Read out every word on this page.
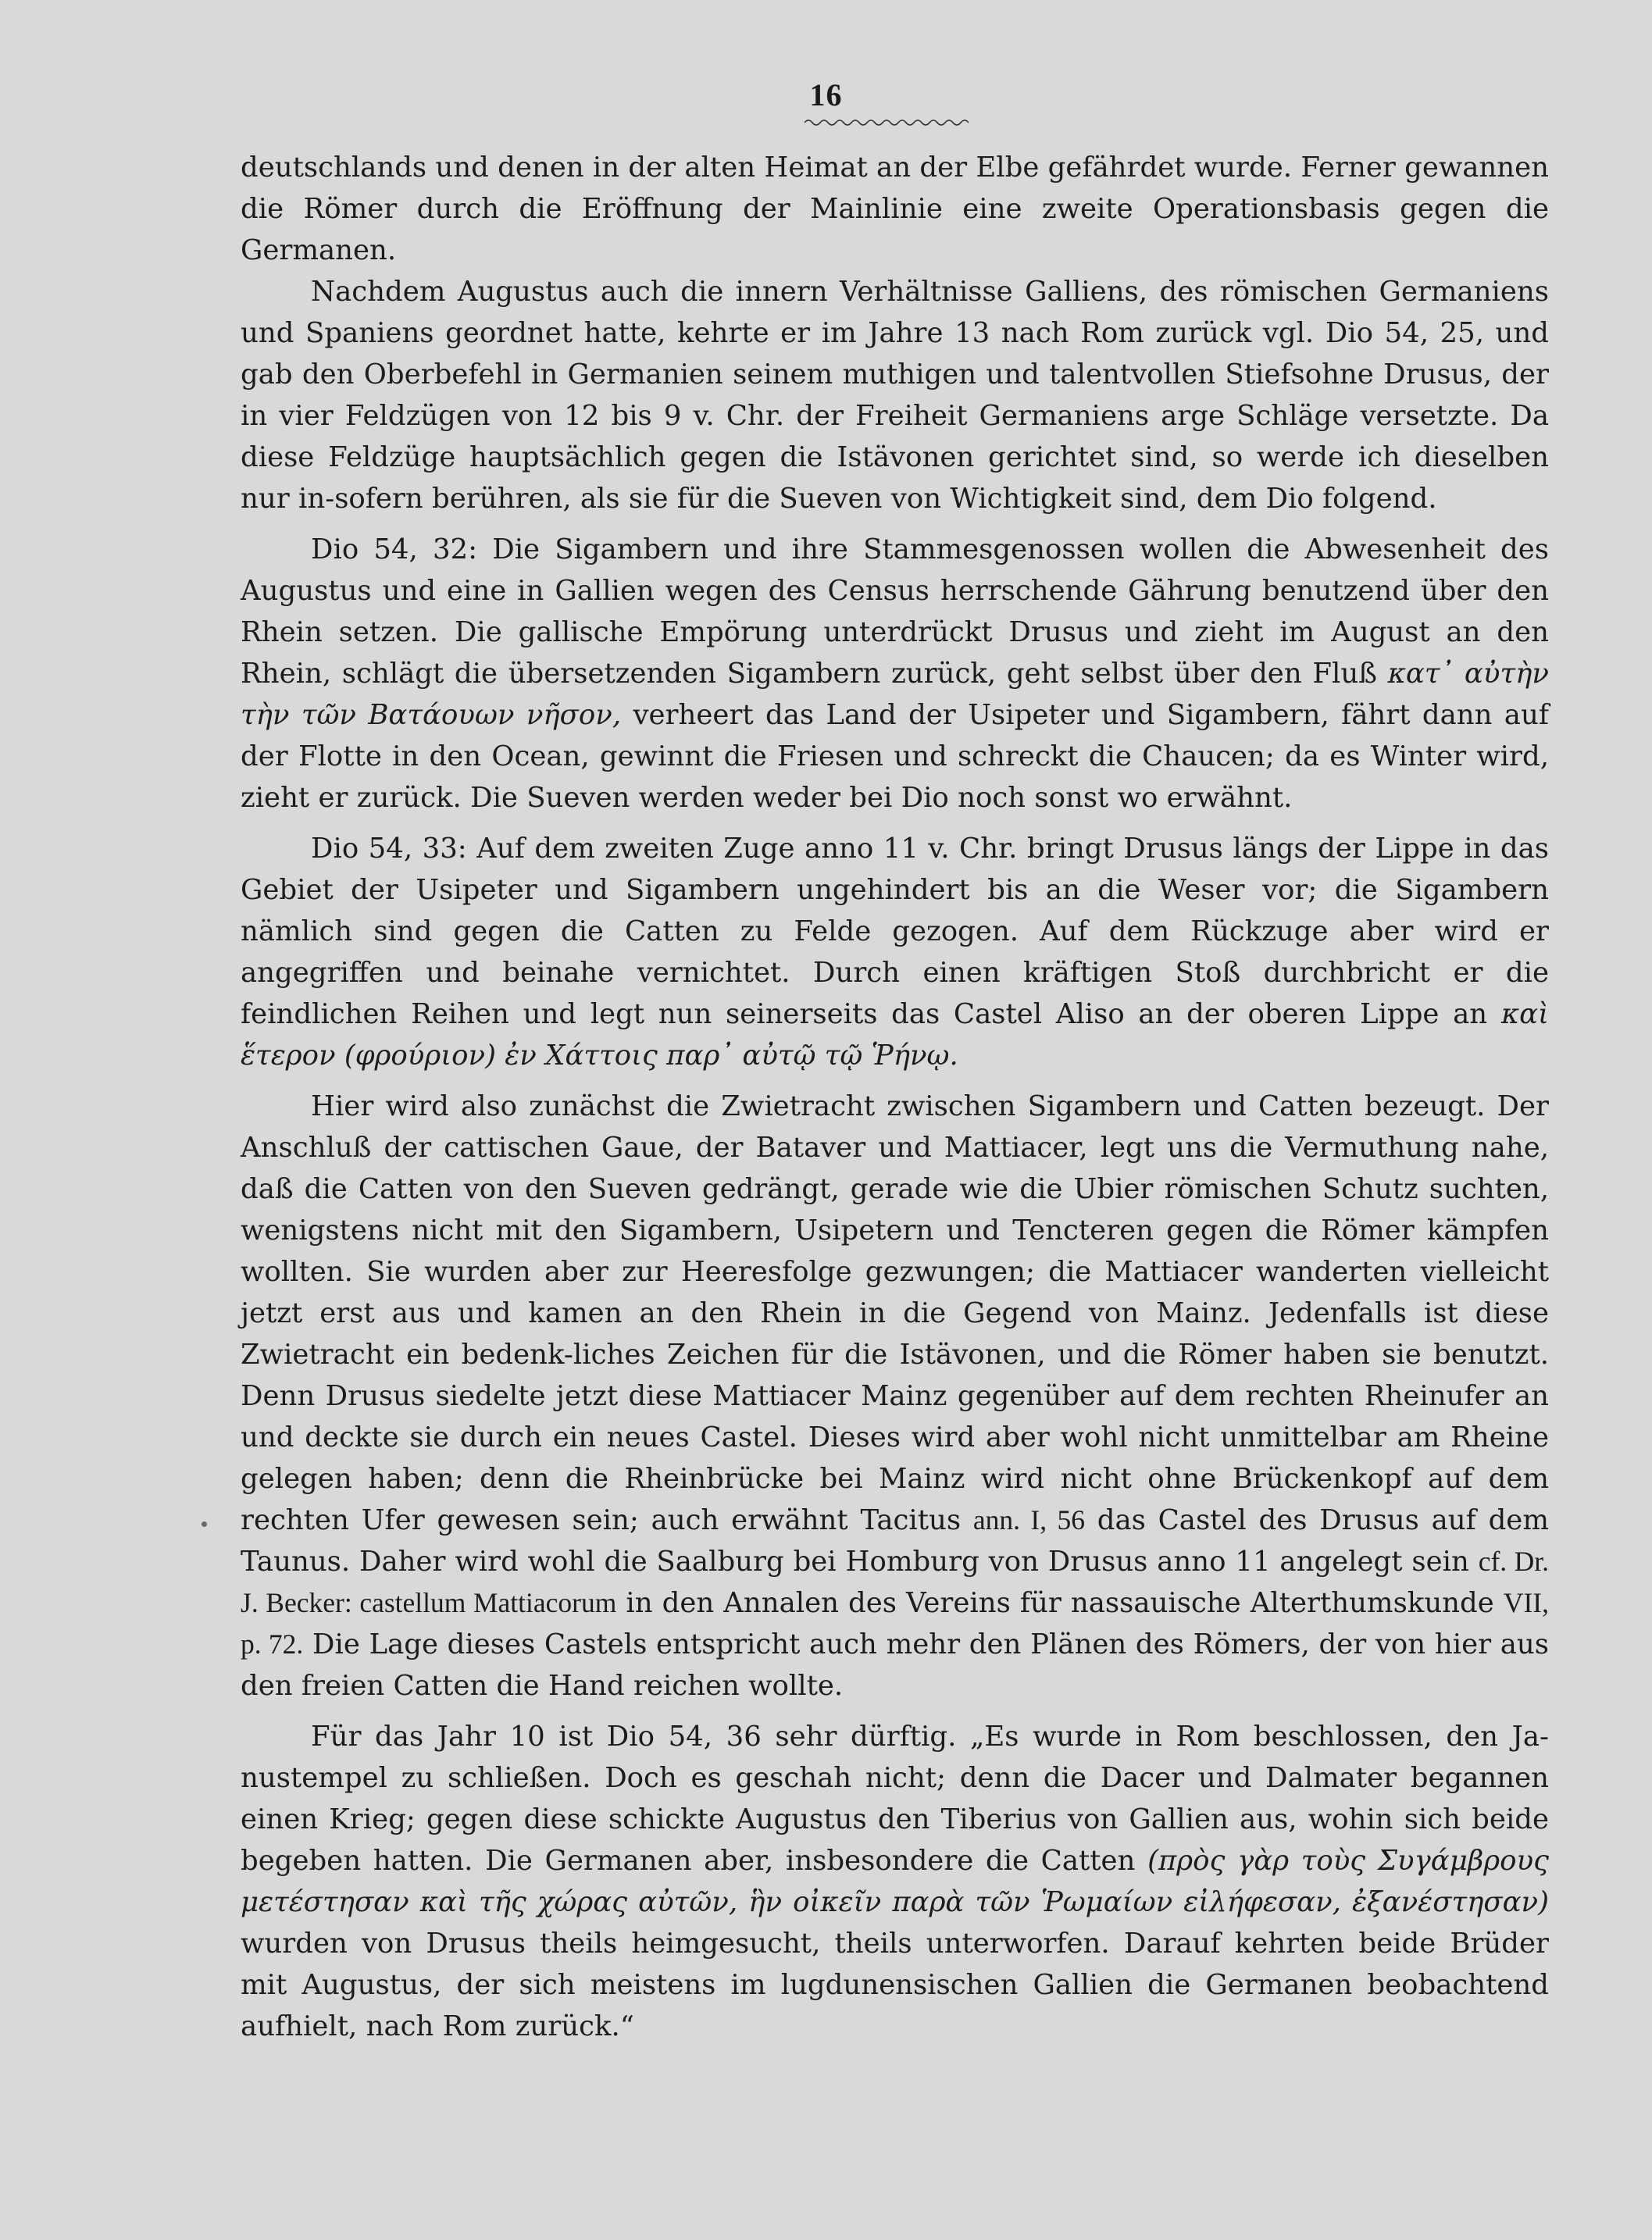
16

deutschlands und denen in der alten Heimat an der Elbe gefährdet wurde. Ferner gewannen die Römer durch die Eröffnung der Mainlinie eine zweite Operationsbasis gegen die Germanen.

Nachdem Augustus auch die innern Verhältnisse Galliens, des römischen Germaniens und Spaniens geordnet hatte, kehrte er im Jahre 13 nach Rom zurück vgl. Dio 54, 25, und gab den Oberbefehl in Germanien seinem muthigen und talentvollen Stiefsohne Drusus, der in vier Feldzügen von 12 bis 9 v. Chr. der Freiheit Germaniens arge Schläge versetzte. Da diese Feldzüge hauptsächlich gegen die Istävonen gerichtet sind, so werde ich dieselben nur in-sofern berühren, als sie für die Sueven von Wichtigkeit sind, dem Dio folgend.

Dio 54, 32: Die Sigambern und ihre Stammesgenossen wollen die Abwesenheit des Augustus und eine in Gallien wegen des Census herrschende Gährung benutzend über den Rhein setzen. Die gallische Empörung unterdrückt Drusus und zieht im August an den Rhein, schlägt die übersetzenden Sigambern zurück, geht selbst über den Fluß κατ᾽ αὐτὴν τὴν τῶν Βατάουων νῆσον, verheert das Land der Usipeter und Sigambern, fährt dann auf der Flotte in den Ocean, gewinnt die Friesen und schreckt die Chaucen; da es Winter wird, zieht er zurück. Die Sueven werden weder bei Dio noch sonst wo erwähnt.

Dio 54, 33: Auf dem zweiten Zuge anno 11 v. Chr. bringt Drusus längs der Lippe in das Gebiet der Usipeter und Sigambern ungehindert bis an die Weser vor; die Sigambern nämlich sind gegen die Catten zu Felde gezogen. Auf dem Rückzuge aber wird er angegriffen und beinahe vernichtet. Durch einen kräftigen Stoß durchbricht er die feindlichen Reihen und legt nun seinerseits das Castel Aliso an der oberen Lippe an καὶ ἕτερον (φρούριον) ἐν Χάττοις παρ᾽ αὐτῷ τῷ Ῥήνῳ.

Hier wird also zunächst die Zwietracht zwischen Sigambern und Catten bezeugt. Der Anschluß der cattischen Gaue, der Bataver und Mattiacer, legt uns die Vermuthung nahe, daß die Catten von den Sueven gedrängt, gerade wie die Ubier römischen Schutz suchten, wenigstens nicht mit den Sigambern, Usipetern und Tencteren gegen die Römer kämpfen wollten. Sie wurden aber zur Heeresfolge gezwungen; die Mattiacer wanderten vielleicht jetzt erst aus und kamen an den Rhein in die Gegend von Mainz. Jedenfalls ist diese Zwietracht ein bedenk-liches Zeichen für die Istävonen, und die Römer haben sie benutzt. Denn Drusus siedelte jetzt diese Mattiacer Mainz gegenüber auf dem rechten Rheinufer an und deckte sie durch ein neues Castel. Dieses wird aber wohl nicht unmittelbar am Rheine gelegen haben; denn die Rheinbrücke bei Mainz wird nicht ohne Brückenkopf auf dem rechten Ufer gewesen sein; auch erwähnt Tacitus ann. I, 56 das Castel des Drusus auf dem Taunus. Daher wird wohl die Saalburg bei Homburg von Drusus anno 11 angelegt sein cf. Dr. J. Becker: castellum Mattiacorum in den Annalen des Vereins für nassauische Alterthumskunde VII, p. 72. Die Lage dieses Castels entspricht auch mehr den Plänen des Römers, der von hier aus den freien Catten die Hand reichen wollte.

Für das Jahr 10 ist Dio 54, 36 sehr dürftig. „Es wurde in Rom beschlossen, den Ja-nustempel zu schließen. Doch es geschah nicht; denn die Dacer und Dalmater begannen einen Krieg; gegen diese schickte Augustus den Tiberius von Gallien aus, wohin sich beide begeben hatten. Die Germanen aber, insbesondere die Catten (πρὸς γὰρ τοὺς Συγάμβρους μετέστησαν καὶ τῆς χώρας αὐτῶν, ἣν οἰκεῖν παρὰ τῶν Ῥωμαίων εἰλήφεσαν, ἐξανέστησαν) wurden von Drusus theils heimgesucht, theils unterworfen. Darauf kehrten beide Brüder mit Augustus, der sich meistens im lugdunensischen Gallien die Germanen beobachtend aufhielt, nach Rom zurück.“
